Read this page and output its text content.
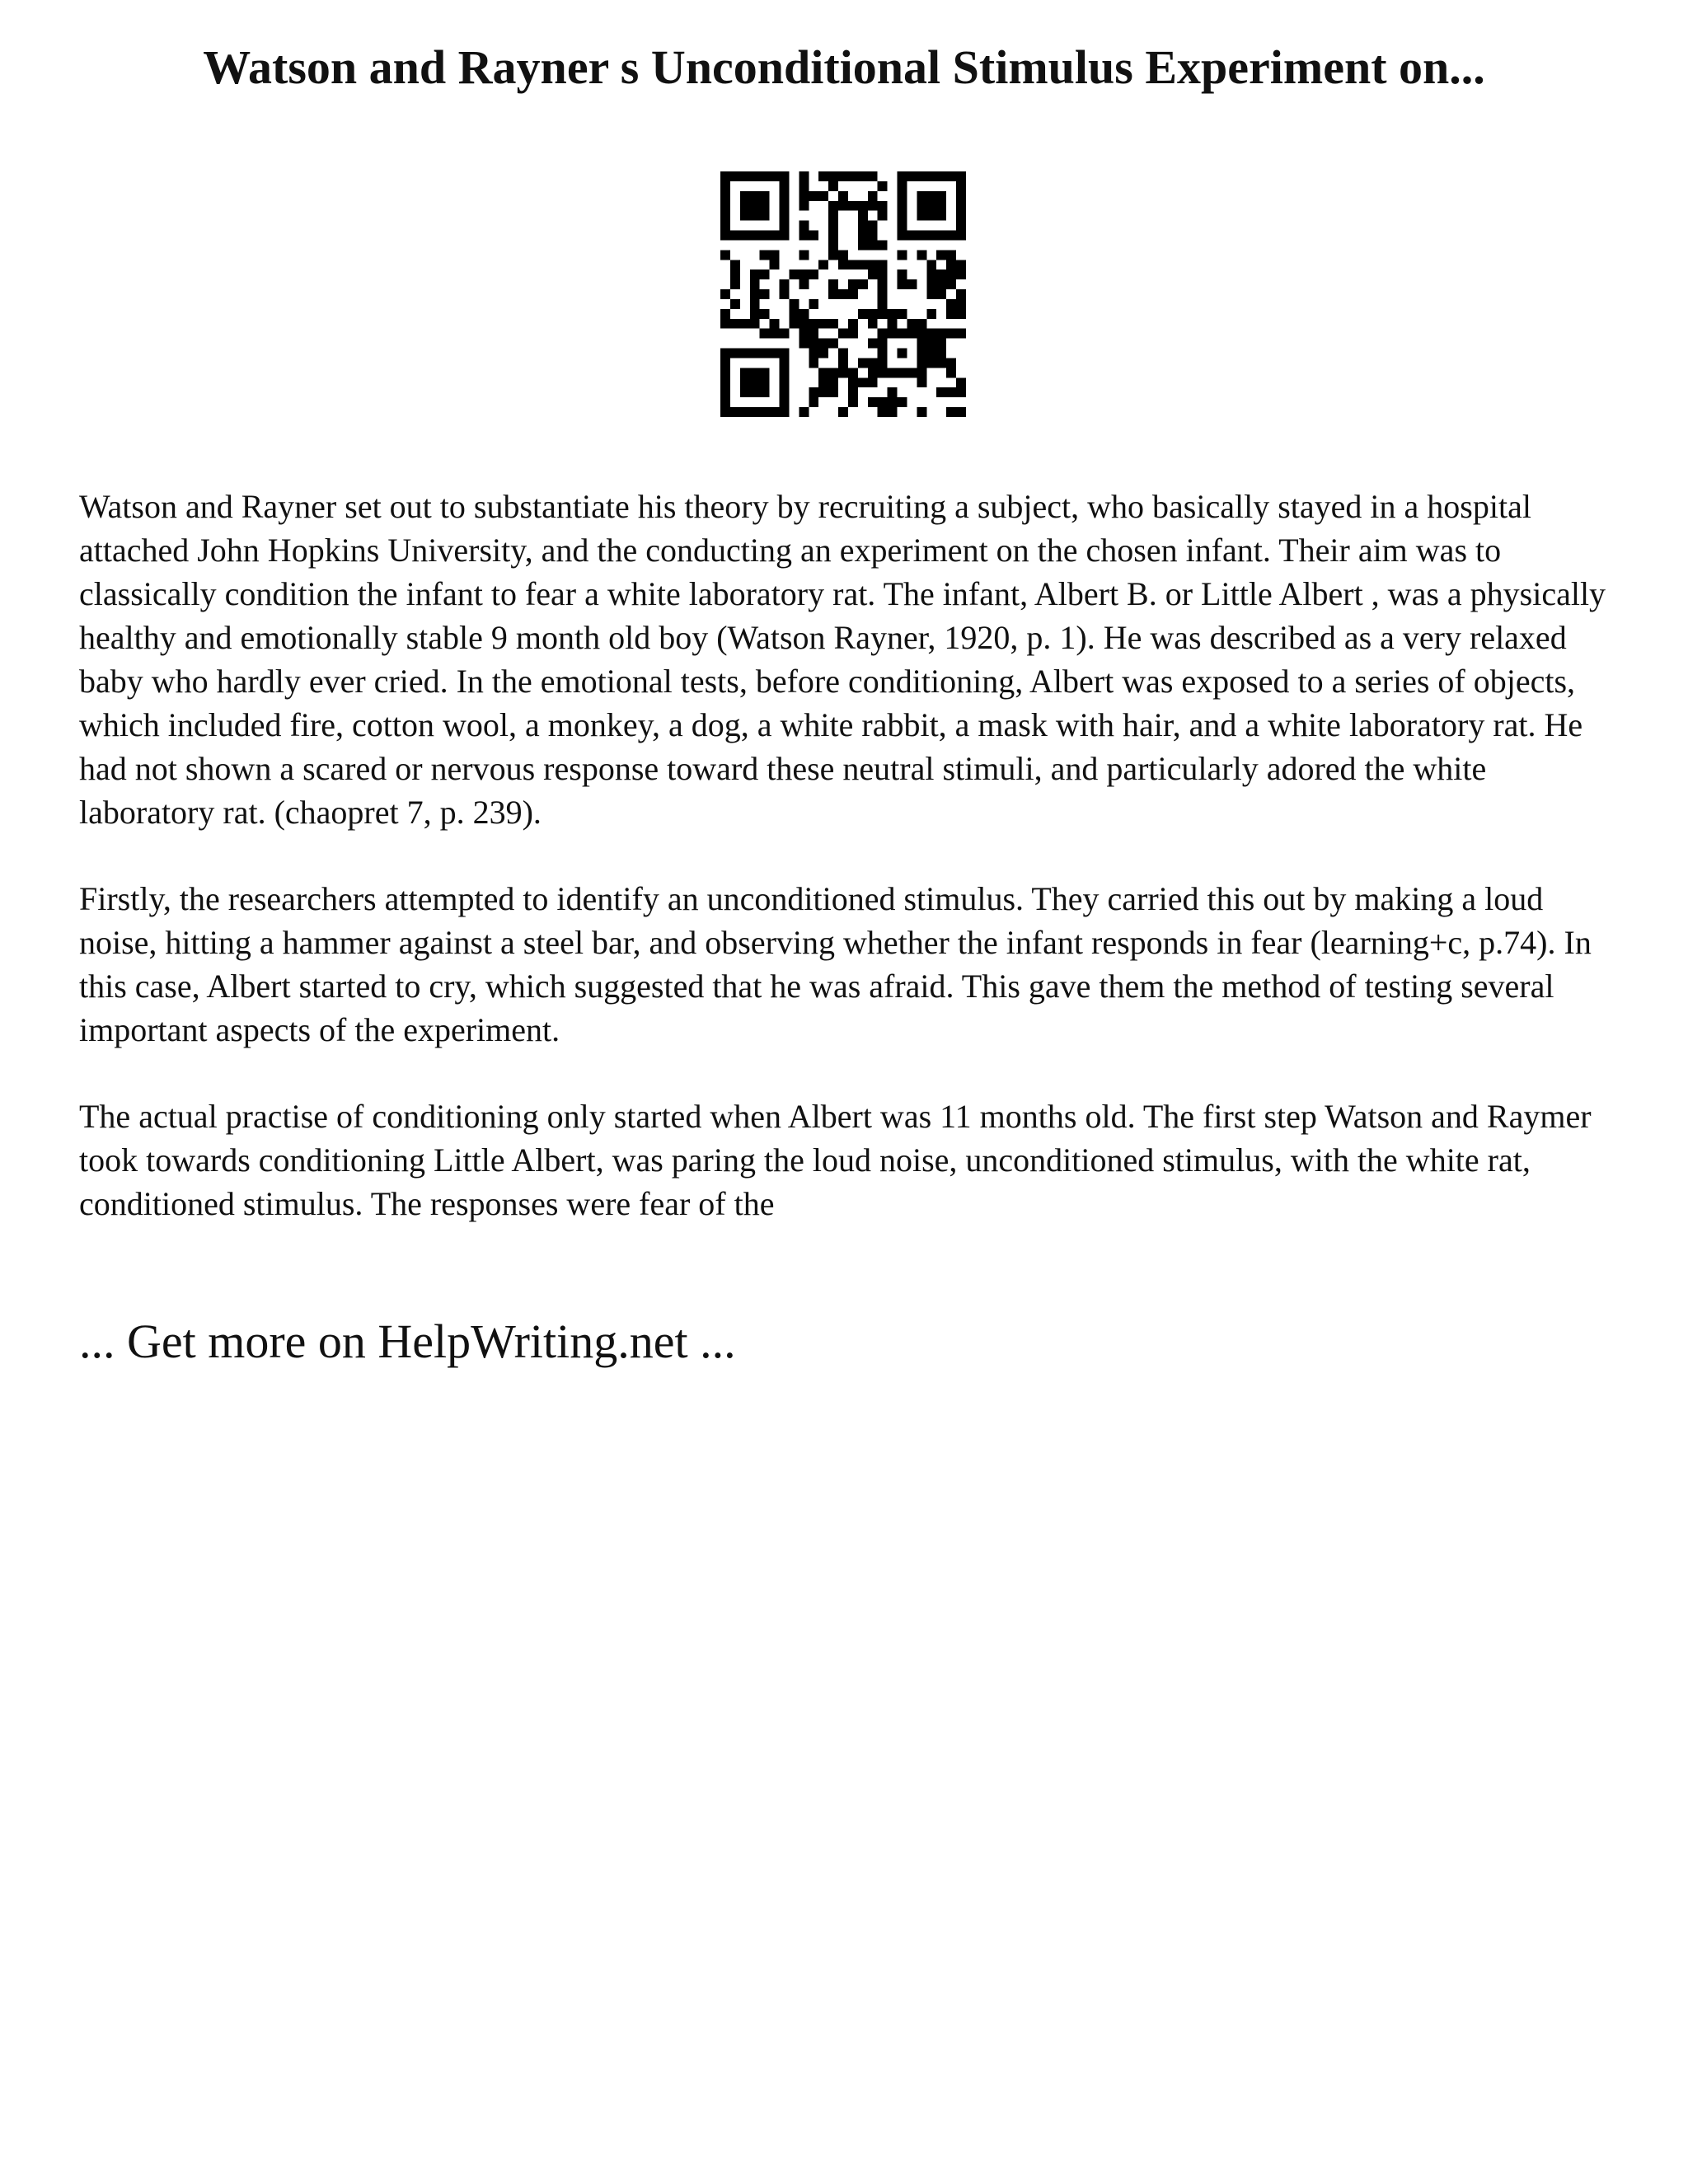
Watson and Rayner s Unconditional Stimulus Experiment on...

Watson and Rayner set out to substantiate his theory by recruiting a subject, who basically stayed in a hospital attached John Hopkins University, and the conducting an experiment on the chosen infant. Their aim was to classically condition the infant to fear a white laboratory rat. The infant, Albert B. or Little Albert , was a physically healthy and emotionally stable 9 month old boy (Watson Rayner, 1920, p. 1). He was described as a very relaxed baby who hardly ever cried. In the emotional tests, before conditioning, Albert was exposed to a series of objects, which included fire, cotton wool, a monkey, a dog, a white rabbit, a mask with hair, and a white laboratory rat. He had not shown a scared or nervous response toward these neutral stimuli, and particularly adored the white laboratory rat. (chaopret 7, p. 239).

Firstly, the researchers attempted to identify an unconditioned stimulus. They carried this out by making a loud noise, hitting a hammer against a steel bar, and observing whether the infant responds in fear (learning+c, p.74). In this case, Albert started to cry, which suggested that he was afraid. This gave them the method of testing several important aspects of the experiment.

The actual practise of conditioning only started when Albert was 11 months old. The first step Watson and Raymer took towards conditioning Little Albert, was paring the loud noise, unconditioned stimulus, with the white rat, conditioned stimulus. The responses were fear of the

... Get more on HelpWriting.net ...
